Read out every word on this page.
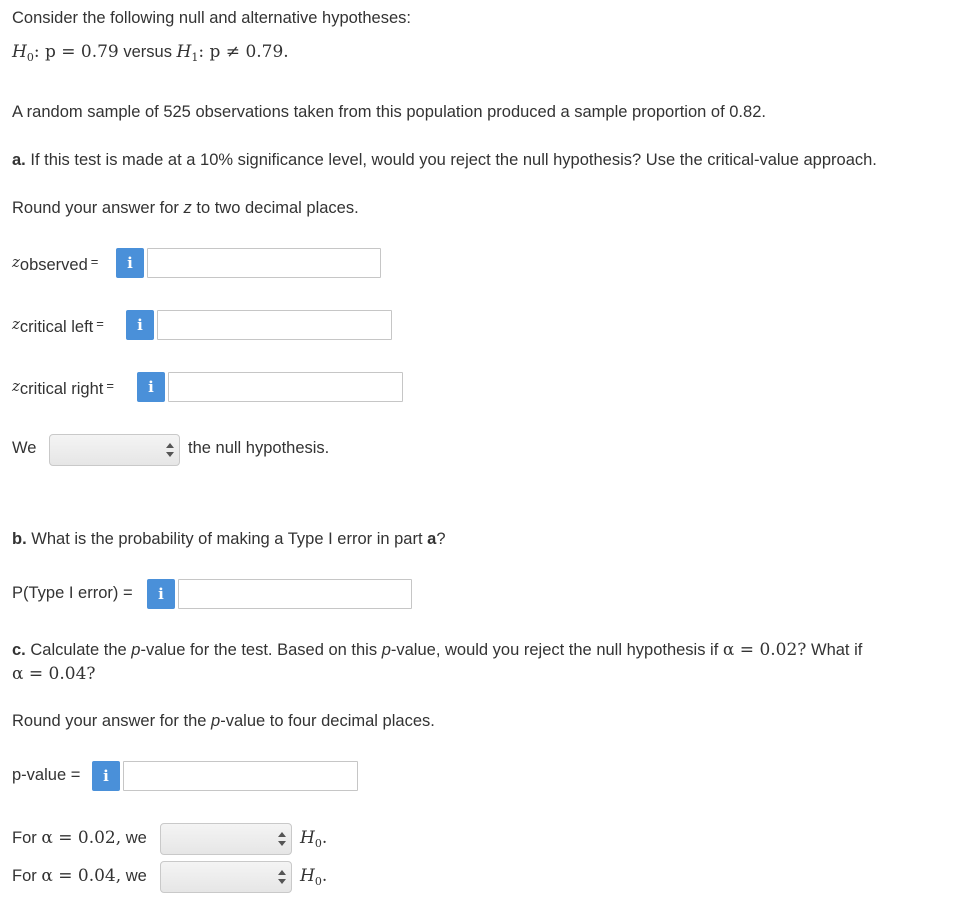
Consider the following null and alternative hypotheses:
$H_0$: p = 0.79 versus $H_1$: p ≠ 0.79.
A random sample of 525 observations taken from this population produced a sample proportion of 0.82.
a. If this test is made at a 10% significance level, would you reject the null hypothesis? Use the critical-value approach.
Round your answer for z to two decimal places.
zobserved =	i
zcritical left =	i
zcritical right =	i
We	the null hypothesis.
b. What is the probability of making a Type I error in part a?
P(Type I error) =	i
c. Calculate the p-value for the test. Based on this p-value, would you reject the null hypothesis if α = 0.02? What if
α = 0.04?
Round your answer for the p-value to four decimal places.
p-value =	i
For α = 0.02, we	$H_0$.
For α = 0.04, we	$H_0$.
